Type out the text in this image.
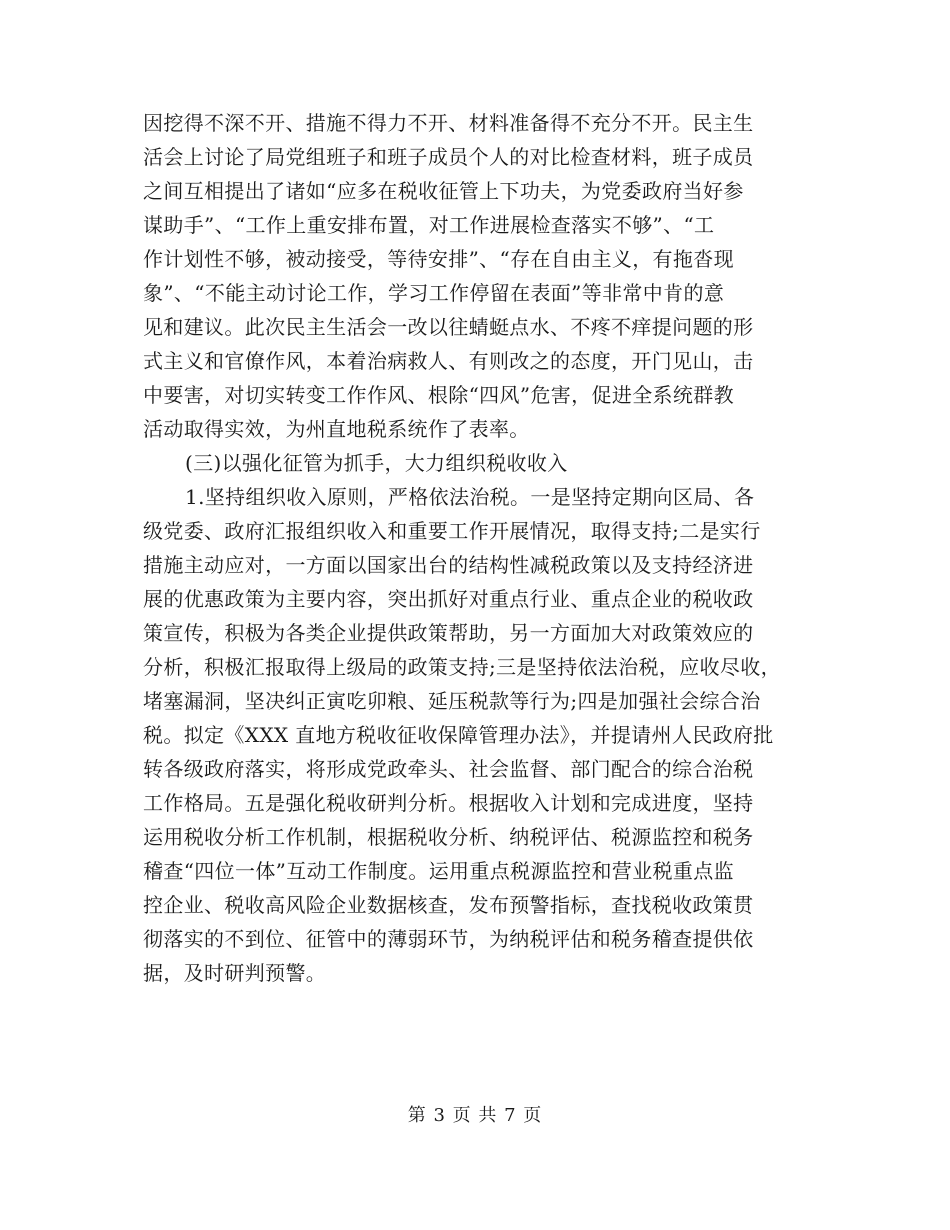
因挖得不深不开、措施不得力不开、材料准备得不充分不开。民主生
活会上讨论了局党组班子和班子成员个人的对比检查材料，班子成员
之间互相提出了诸如“应多在税收征管上下功夫，为党委政府当好参
谋助手”、“工作上重安排布置，对工作进展检查落实不够”、“工
作计划性不够，被动接受，等待安排”、“存在自由主义，有拖沓现
象”、“不能主动讨论工作，学习工作停留在表面”等非常中肯的意
见和建议。此次民主生活会一改以往蜻蜓点水、不疼不痒提问题的形
式主义和官僚作风，本着治病救人、有则改之的态度，开门见山，击
中要害，对切实转变工作作风、根除“四风”危害，促进全系统群教
活动取得实效，为州直地税系统作了表率。
(三)以强化征管为抓手，大力组织税收收入
1.坚持组织收入原则，严格依法治税。一是坚持定期向区局、各
级党委、政府汇报组织收入和重要工作开展情况，取得支持;二是实行
措施主动应对，一方面以国家出台的结构性减税政策以及支持经济进
展的优惠政策为主要内容，突出抓好对重点行业、重点企业的税收政
策宣传，积极为各类企业提供政策帮助，另一方面加大对政策效应的
分析，积极汇报取得上级局的政策支持;三是坚持依法治税，应收尽收，
堵塞漏洞，坚决纠正寅吃卯粮、延压税款等行为;四是加强社会综合治
税。拟定《XXX 直地方税收征收保障管理办法》，并提请州人民政府批
转各级政府落实，将形成党政牵头、社会监督、部门配合的综合治税
工作格局。五是强化税收研判分析。根据收入计划和完成进度，坚持
运用税收分析工作机制，根据税收分析、纳税评估、税源监控和税务
稽查“四位一体”互动工作制度。运用重点税源监控和营业税重点监
控企业、税收高风险企业数据核查，发布预警指标，查找税收政策贯
彻落实的不到位、征管中的薄弱环节，为纳税评估和税务稽查提供依
据，及时研判预警。
第 3 页 共 7 页
